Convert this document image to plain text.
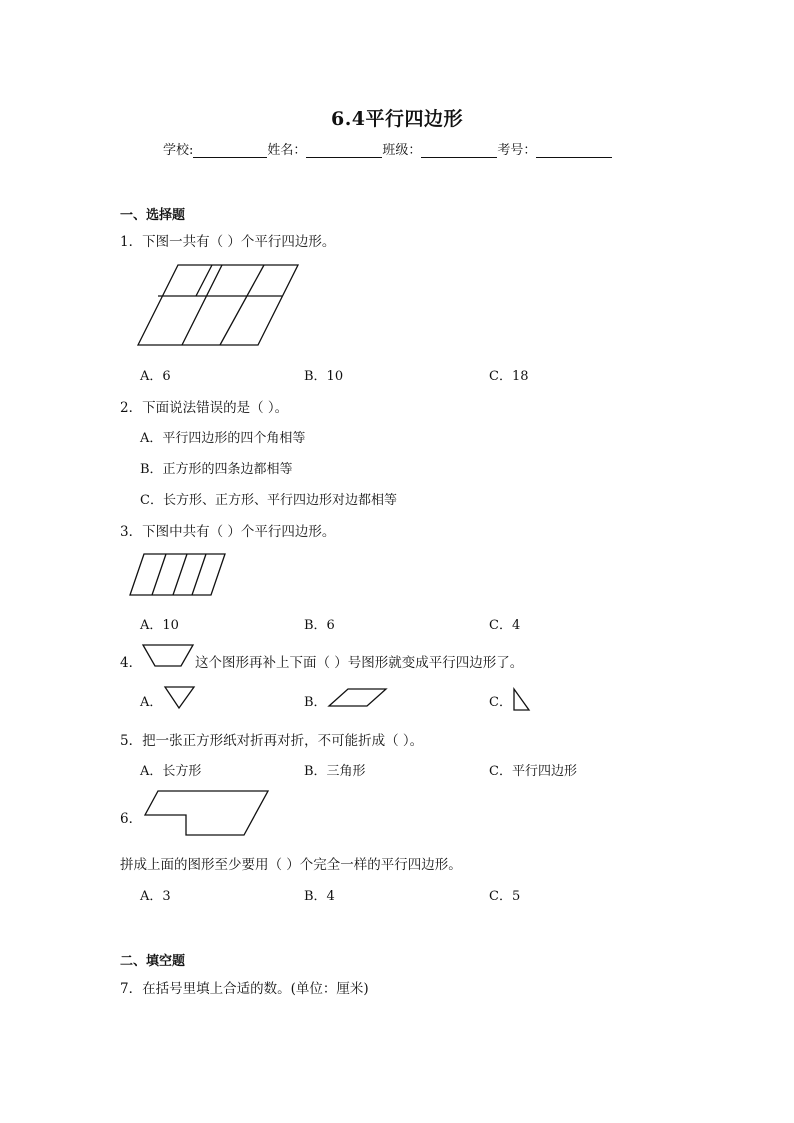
6.4平行四边形
学校:	姓名：	班级：	考号：
一、选择题
1．下图一共有（ ）个平行四边形。
A．6	B．10	C．18
2．下面说法错误的是（ ）。
A．平行四边形的四个角相等
B．正方形的四条边都相等
C．长方形、正方形、平行四边形对边都相等
3．下图中共有（ ）个平行四边形。
A．10	B．6	C．4
4．	这个图形再补上下面（ ）号图形就变成平行四边形了。
A．	B．	C．
5．把一张正方形纸对折再对折，不可能折成（ ）。
A．长方形	B．三角形	C．平行四边形
6．
拼成上面的图形至少要用（ ）个完全一样的平行四边形。
A．3	B．4	C．5
二、填空题
7．在括号里填上合适的数。(单位：厘米)
